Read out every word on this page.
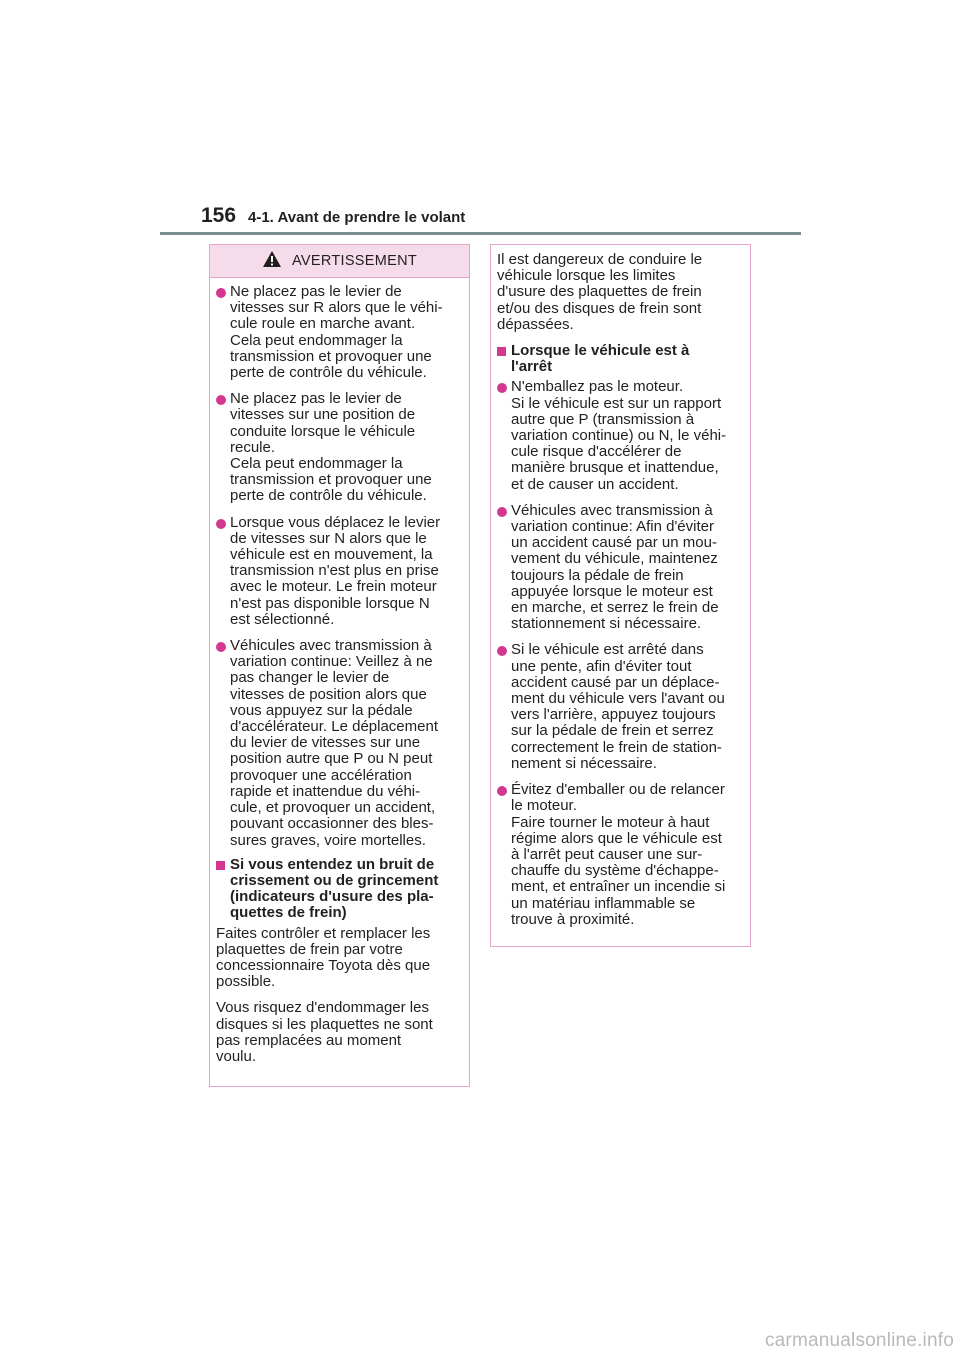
156 4-1. Avant de prendre le volant
AVERTISSEMENT
Ne placez pas le levier de
vitesses sur R alors que le véhi-
cule roule en marche avant.
Cela peut endommager la
transmission et provoquer une
perte de contrôle du véhicule.
Ne placez pas le levier de
vitesses sur une position de
conduite lorsque le véhicule
recule.
Cela peut endommager la
transmission et provoquer une
perte de contrôle du véhicule.
Lorsque vous déplacez le levier
de vitesses sur N alors que le
véhicule est en mouvement, la
transmission n'est plus en prise
avec le moteur. Le frein moteur
n'est pas disponible lorsque N
est sélectionné.
Véhicules avec transmission à
variation continue: Veillez à ne
pas changer le levier de
vitesses de position alors que
vous appuyez sur la pédale
d'accélérateur. Le déplacement
du levier de vitesses sur une
position autre que P ou N peut
provoquer une accélération
rapide et inattendue du véhi-
cule, et provoquer un accident,
pouvant occasionner des bles-
sures graves, voire mortelles.
Si vous entendez un bruit de
crissement ou de grincement
(indicateurs d'usure des pla-
quettes de frein)
Faites contrôler et remplacer les
plaquettes de frein par votre
concessionnaire Toyota dès que
possible.
Vous risquez d'endommager les
disques si les plaquettes ne sont
pas remplacées au moment
voulu.
Il est dangereux de conduire le
véhicule lorsque les limites
d'usure des plaquettes de frein
et/ou des disques de frein sont
dépassées.
Lorsque le véhicule est à
l'arrêt
N'emballez pas le moteur.
Si le véhicule est sur un rapport
autre que P (transmission à
variation continue) ou N, le véhi-
cule risque d'accélérer de
manière brusque et inattendue,
et de causer un accident.
Véhicules avec transmission à
variation continue: Afin d'éviter
un accident causé par un mou-
vement du véhicule, maintenez
toujours la pédale de frein
appuyée lorsque le moteur est
en marche, et serrez le frein de
stationnement si nécessaire.
Si le véhicule est arrêté dans
une pente, afin d'éviter tout
accident causé par un déplace-
ment du véhicule vers l'avant ou
vers l'arrière, appuyez toujours
sur la pédale de frein et serrez
correctement le frein de station-
nement si nécessaire.
Évitez d'emballer ou de relancer
le moteur.
Faire tourner le moteur à haut
régime alors que le véhicule est
à l'arrêt peut causer une sur-
chauffe du système d'échappe-
ment, et entraîner un incendie si
un matériau inflammable se
trouve à proximité.
carmanualsonline.info
